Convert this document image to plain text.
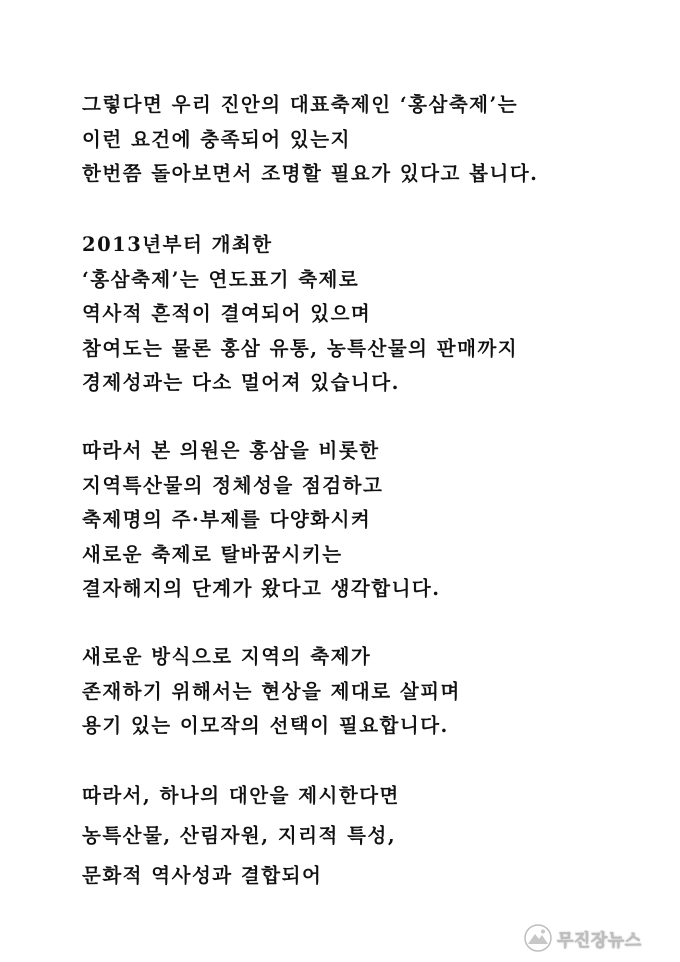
그렇다면 우리 진안의 대표축제인 ‘홍삼축제’는
이런 요건에 충족되어 있는지
한번쯤 돌아보면서 조명할 필요가 있다고 봅니다.

2013년부터 개최한
‘홍삼축제’는 연도표기 축제로
역사적 흔적이 결여되어 있으며
참여도는 물론 홍삼 유통, 농특산물의 판매까지
경제성과는 다소 멀어져 있습니다.

따라서 본 의원은 홍삼을 비롯한
지역특산물의 정체성을 점검하고
축제명의 주·부제를 다양화시켜
새로운 축제로 탈바꿈시키는
결자해지의 단계가 왔다고 생각합니다.

새로운 방식으로 지역의 축제가
존재하기 위해서는 현상을 제대로 살피며
용기 있는 이모작의 선택이 필요합니다.

따라서, 하나의 대안을 제시한다면
농특산물, 산림자원, 지리적 특성,
문화적 역사성과 결합되어

무진장뉴스
